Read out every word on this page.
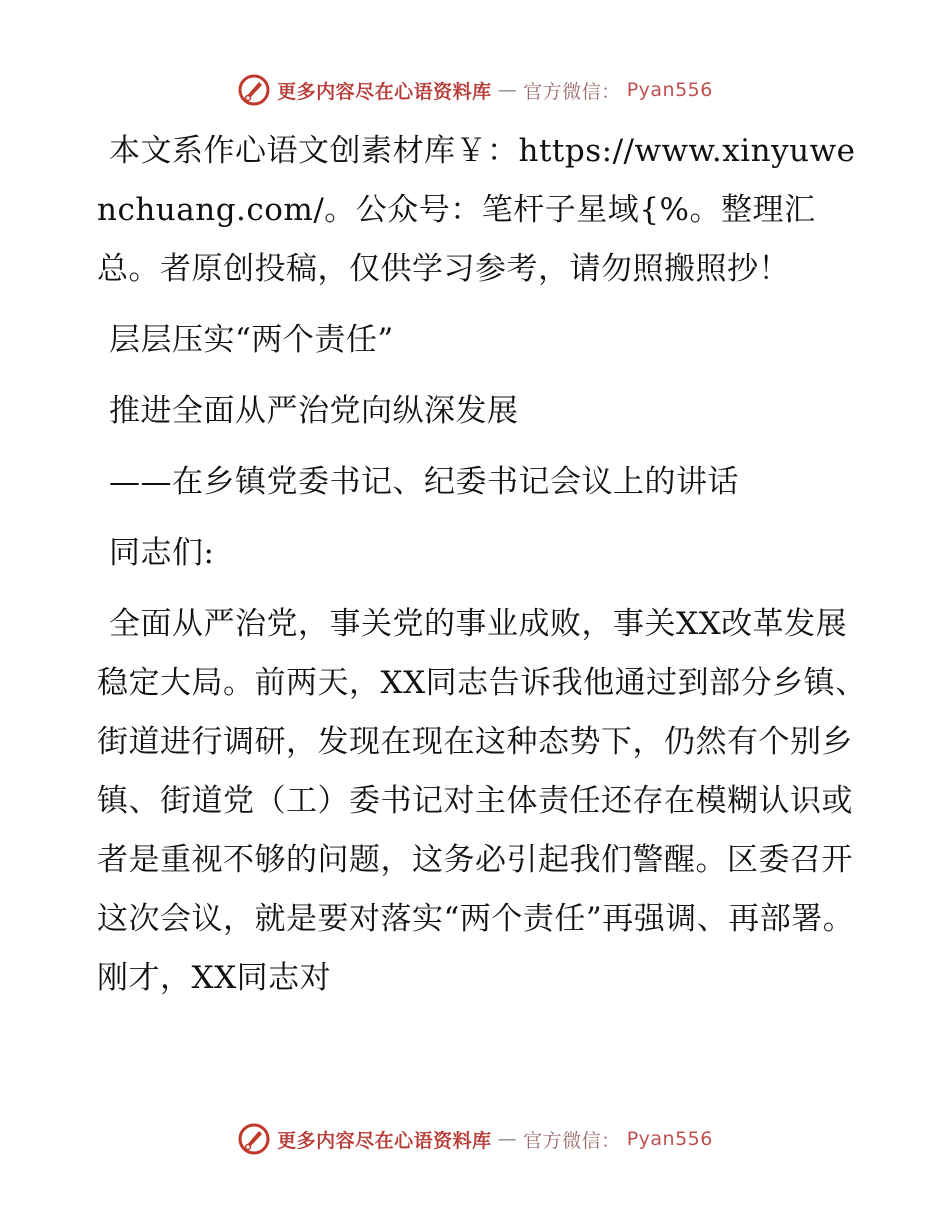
更多内容尽在心语资料库 — 官方微信： Pyan556

本文系作心语文创素材库￥：https://www.xinyuwenchuang.com/。公众号：笔杆子星域{%。整理汇总。者原创投稿，仅供学习参考，请勿照搬照抄！

层层压实“两个责任”

推进全面从严治党向纵深发展

——在乡镇党委书记、纪委书记会议上的讲话

同志们:

全面从严治党，事关党的事业成败，事关XX改革发展稳定大局。前两天，XX同志告诉我他通过到部分乡镇、街道进行调研，发现在现在这种态势下，仍然有个别乡镇、街道党（工）委书记对主体责任还存在模糊认识或者是重视不够的问题，这务必引起我们警醒。区委召开这次会议，就是要对落实“两个责任”再强调、再部署。刚才，XX同志对

更多内容尽在心语资料库 — 官方微信： Pyan556
